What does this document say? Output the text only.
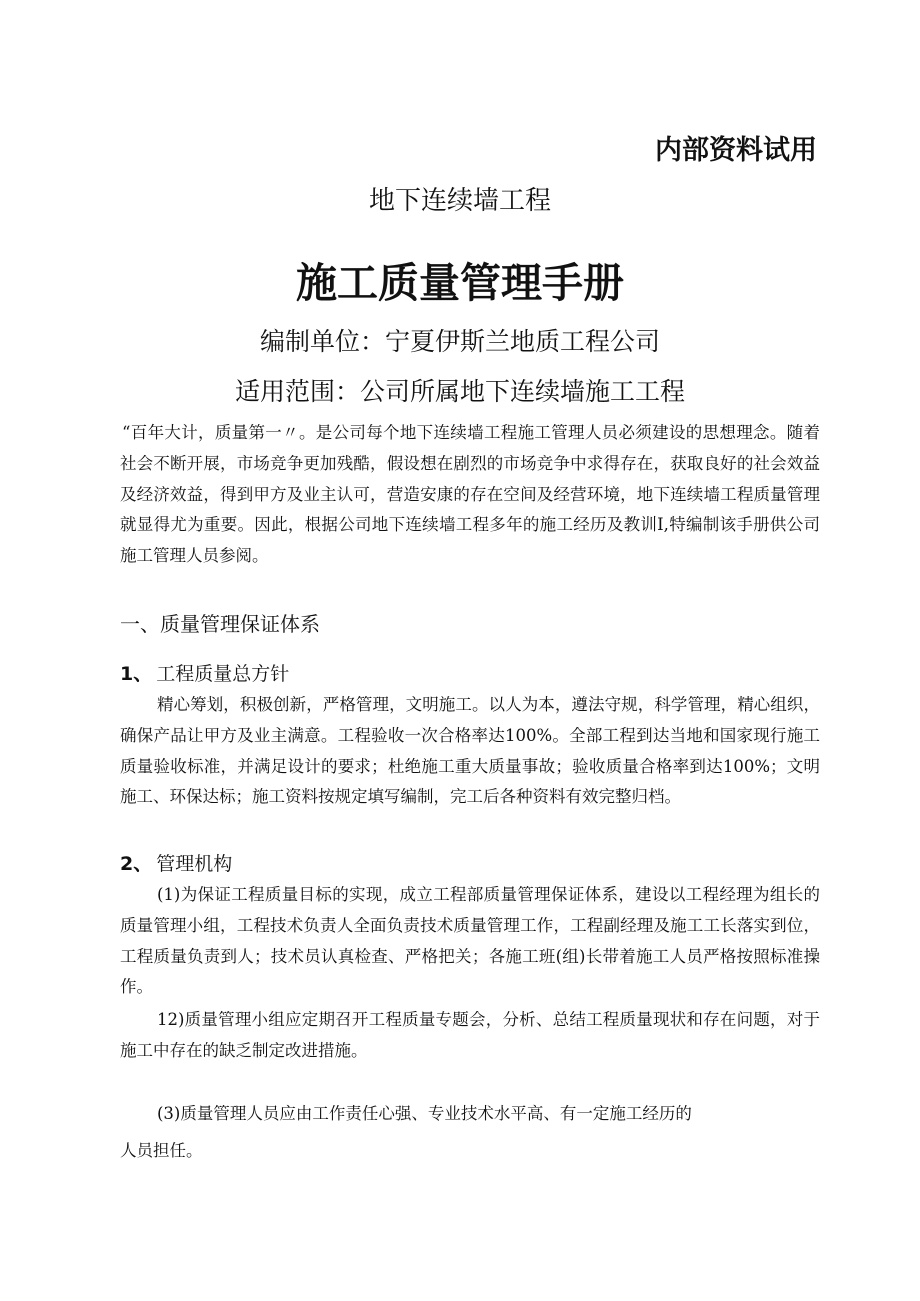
内部资料试用
地下连续墙工程
施工质量管理手册
编制单位：宁夏伊斯兰地质工程公司
适用范围：公司所属地下连续墙施工工程
“百年大计，质量第一〃。是公司每个地下连续墙工程施工管理人员必须建设的思想理念。随着社会不断开展，市场竞争更加残酷，假设想在剧烈的市场竞争中求得存在，获取良好的社会效益及经济效益，得到甲方及业主认可，营造安康的存在空间及经营环境，地下连续墙工程质量管理就显得尤为重要。因此，根据公司地下连续墙工程多年的施工经历及教训I,特编制该手册供公司施工管理人员参阅。
一、质量管理保证体系
1、 工程质量总方针
精心筹划，积极创新，严格管理，文明施工。以人为本，遵法守规，科学管理，精心组织，确保产品让甲方及业主满意。工程验收一次合格率达100%。全部工程到达当地和国家现行施工质量验收标准，并满足设计的要求；杜绝施工重大质量事故；验收质量合格率到达100%；文明施工、环保达标；施工资料按规定填写编制，完工后各种资料有效完整归档。
2、 管理机构
(1)为保证工程质量目标的实现，成立工程部质量管理保证体系，建设以工程经理为组长的质量管理小组，工程技术负责人全面负责技术质量管理工作，工程副经理及施工工长落实到位，工程质量负责到人；技术员认真检查、严格把关；各施工班(组)长带着施工人员严格按照标准操作。
12)质量管理小组应定期召开工程质量专题会，分析、总结工程质量现状和存在问题，对于施工中存在的缺乏制定改进措施。
(3)质量管理人员应由工作责任心强、专业技术水平高、有一定施工经历的
人员担任。
